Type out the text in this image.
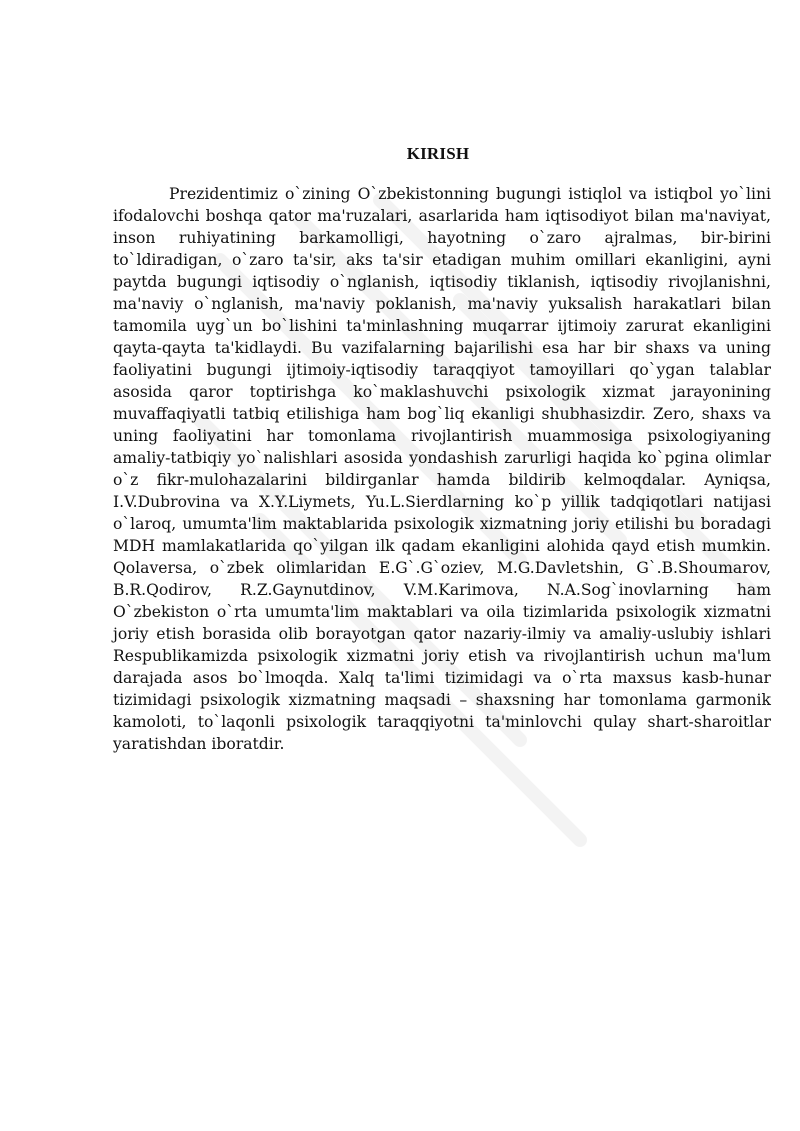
KIRISH

Prezidentimiz o`zining O`zbekistonning bugungi istiqlol va istiqbol yo`lini ifodalovchi boshqa qator ma'ruzalari, asarlarida ham iqtisodiyot bilan ma'naviyat, inson ruhiyatining barkamolligi, hayotning o`zaro ajralmas, bir-birini to`ldiradigan, o`zaro ta'sir, aks ta'sir etadigan muhim omillari ekanligini, ayni paytda bugungi iqtisodiy o`nglanish, iqtisodiy tiklanish, iqtisodiy rivojlanishni, ma'naviy o`nglanish, ma'naviy poklanish, ma'naviy yuksalish harakatlari bilan tamomila uyg`un bo`lishini ta'minlashning muqarrar ijtimoiy zarurat ekanligini qayta-qayta ta'kidlaydi. Bu vazifalarning bajarilishi esa har bir shaxs va uning faoliyatini bugungi ijtimoiy-iqtisodiy taraqqiyot tamoyillari qo`ygan talablar asosida qaror toptirishga ko`maklashuvchi psixologik xizmat jarayonining muvaffaqiyatli tatbiq etilishiga ham bog`liq ekanligi shubhasizdir. Zero, shaxs va uning faoliyatini har tomonlama rivojlantirish muammosiga psixologiyaning amaliy-tatbiqiy yo`nalishlari asosida yondashish zarurligi haqida ko`pgina olimlar o`z fikr-mulohazalarini bildirganlar hamda bildirib kelmoqdalar. Ayniqsa, I.V.Dubrovina va X.Y.Liymets, Yu.L.Sierdlarning ko`p yillik tadqiqotlari natijasi o`laroq, umumta'lim maktablarida psixologik xizmatning joriy etilishi bu boradagi MDH mamlakatlarida qo`yilgan ilk qadam ekanligini alohida qayd etish mumkin. Qolaversa, o`zbek olimlaridan E.G`.G`oziev, M.G.Davletshin, G`.B.Shoumarov, B.R.Qodirov, R.Z.Gaynutdinov, V.M.Karimova, N.A.Sog`inovlarning ham O`zbekiston o`rta umumta'lim maktablari va oila tizimlarida psixologik xizmatni joriy etish borasida olib borayotgan qator nazariy-ilmiy va amaliy-uslubiy ishlari Respublikamizda psixologik xizmatni joriy etish va rivojlantirish uchun ma'lum darajada asos bo`lmoqda. Xalq ta'limi tizimidagi va o`rta maxsus kasb-hunar tizimidagi psixologik xizmatning maqsadi – shaxsning har tomonlama garmonik kamoloti, to`laqonli psixologik taraqqiyotni ta'minlovchi qulay shart-sharoitlar yaratishdan iboratdir.
